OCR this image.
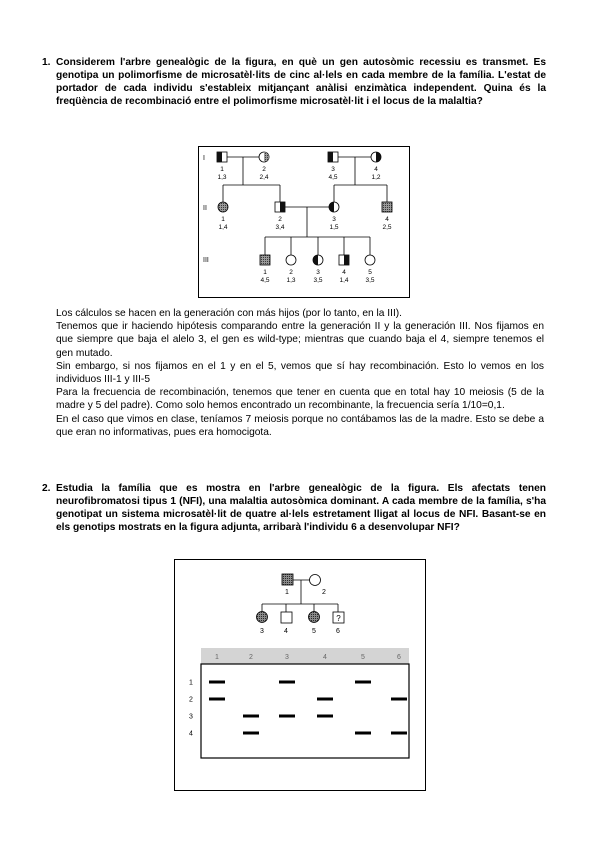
1. Considerem l'arbre genealògic de la figura, en què un gen autosòmic recessiu es transmet. Es genotipa un polimorfisme de microsatèl·lits de cinc al·lels en cada membre de la família. L'estat de portador de cada individu s'estableix mitjançant anàlisi enzimàtica independent. Quina és la freqüència de recombinació entre el polimorfisme microsatèl·lit i el locus de la malaltia?
I
II
III
1
1,3
2
2,4
3
4,5
4
1,2
1
1,4
2
3,4
3
1,5
4
2,5
1
4,5
2
1,3
3
3,5
4
1,4
5
3,5

Los cálculos se hacen en la generación con más hijos (por lo tanto, en la III).

Tenemos que ir haciendo hipótesis comparando entre la generación II y la generación III. Nos fijamos en que siempre que baja el alelo 3, el gen es wild-type; mientras que cuando baja el 4, siempre tenemos el gen mutado.

Sin embargo, si nos fijamos en el 1 y en el 5, vemos que sí hay recombinación. Esto lo vemos en los individuos III-1 y III-5

Para la frecuencia de recombinación, tenemos que tener en cuenta que en total hay 10 meiosis (5 de la madre y 5 del padre). Como solo hemos encontrado un recombinante, la frecuencia sería 1/10=0,1.

En el caso que vimos en clase, teníamos 7 meiosis porque no contábamos las de la madre. Esto se debe a que eran no informativas, pues era homocigota.

2. Estudia la família que es mostra en l'arbre genealògic de la figura. Els afectats tenen neurofibromatosi tipus 1 (NFI), una malaltia autosòmica dominant. A cada membre de la família, s'ha genotipat un sistema microsatèl·lit de quatre al·lels estretament lligat al locus de NFI. Basant-se en els genotips mostrats en la figura adjunta, arribarà l'individu 6 a desenvolupar NFI?
?
1	2
3	4	5	6
1	2	3	4	5	6
1
2
3
4
